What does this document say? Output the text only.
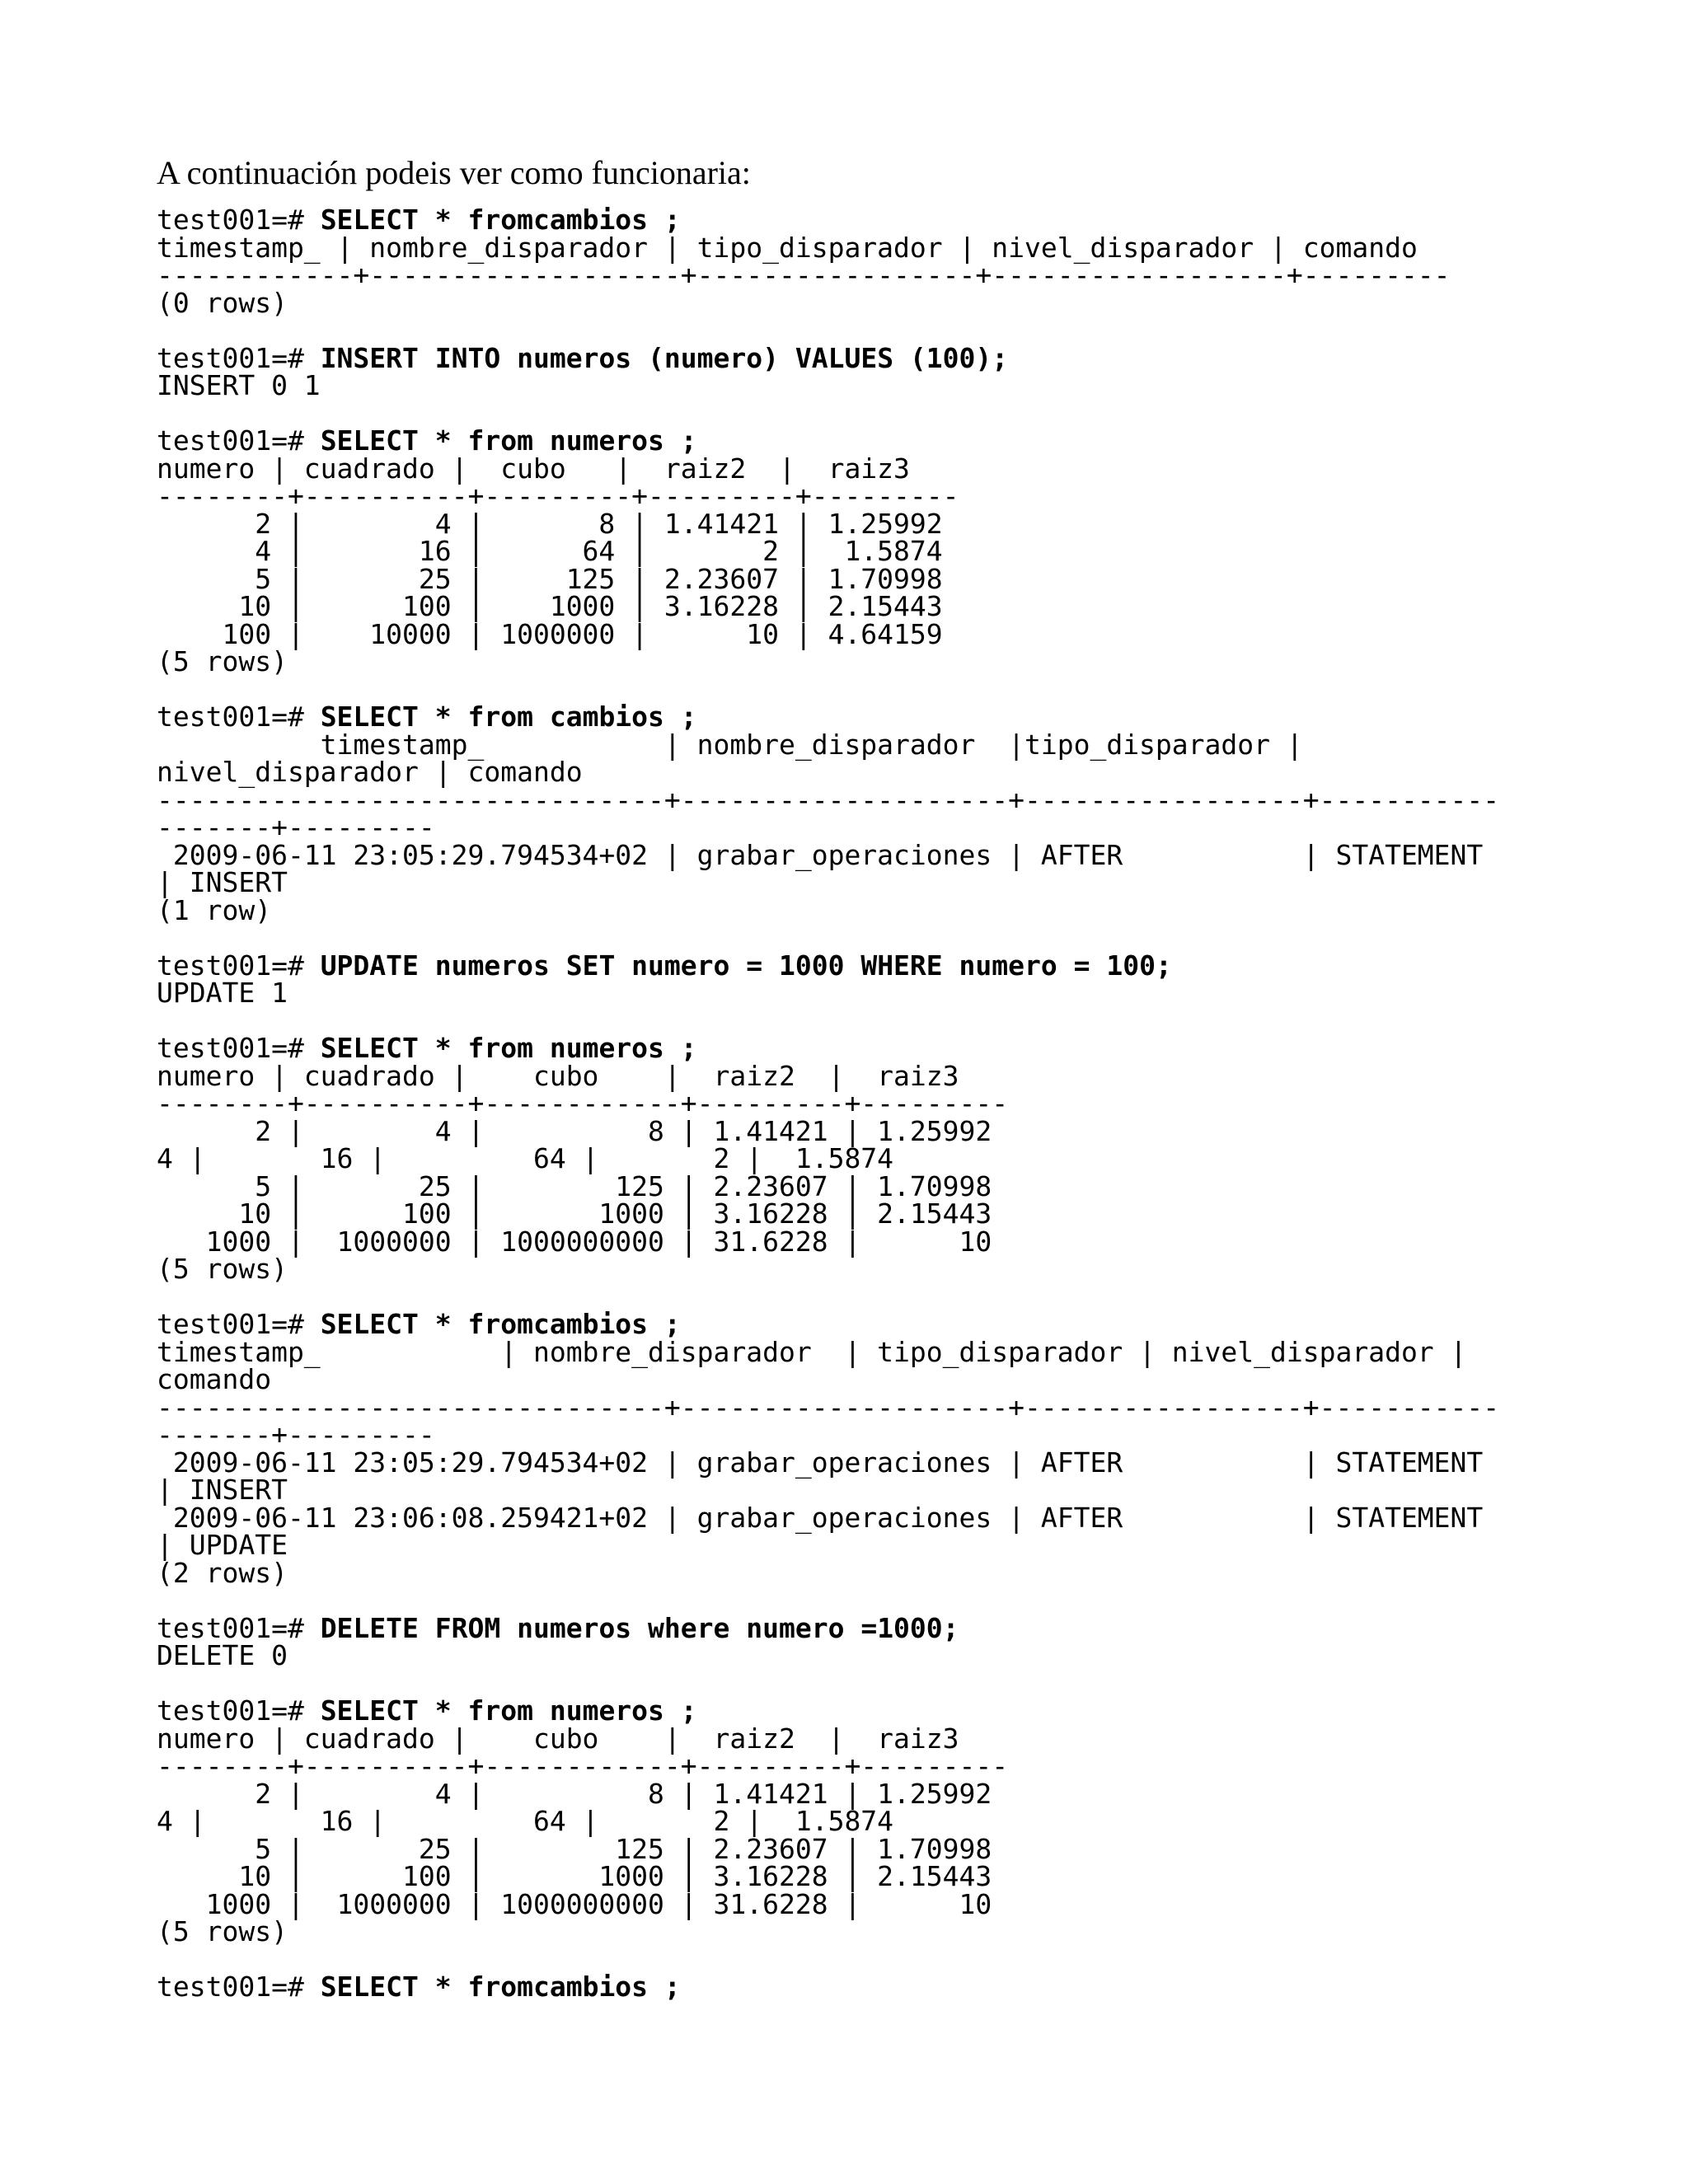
A continuación podeis ver como funcionaria:
test001=# SELECT * fromcambios ;
timestamp_ | nombre_disparador | tipo_disparador | nivel_disparador | comando
------------+-------------------+-----------------+------------------+---------
(0 rows)
test001=# INSERT INTO numeros (numero) VALUES (100);
INSERT 0 1
test001=# SELECT * from numeros ;
numero | cuadrado |  cubo   |  raiz2  |  raiz3
--------+----------+---------+---------+---------
2 |        4 |       8 | 1.41421 | 1.25992
4 |       16 |      64 |       2 |  1.5874
5 |       25 |     125 | 2.23607 | 1.70998
10 |      100 |    1000 | 3.16228 | 2.15443
100 |    10000 | 1000000 |      10 | 4.64159
(5 rows)
test001=# SELECT * from cambios ;
timestamp_           | nombre_disparador  |tipo_disparador |
nivel_disparador | comando
-------------------------------+--------------------+-----------------+-----------
-------+---------
2009-06-11 23:05:29.794534+02 | grabar_operaciones | AFTER           | STATEMENT
| INSERT
(1 row)
test001=# UPDATE numeros SET numero = 1000 WHERE numero = 100;
UPDATE 1
test001=# SELECT * from numeros ;
numero | cuadrado |    cubo    |  raiz2  |  raiz3
--------+----------+------------+---------+---------
2 |        4 |          8 | 1.41421 | 1.25992
4 |       16 |         64 |       2 |  1.5874
5 |       25 |        125 | 2.23607 | 1.70998
10 |      100 |       1000 | 3.16228 | 2.15443
1000 |  1000000 | 1000000000 | 31.6228 |      10
(5 rows)
test001=# SELECT * fromcambios ;
timestamp_           | nombre_disparador  | tipo_disparador | nivel_disparador |
comando
-------------------------------+--------------------+-----------------+-----------
-------+---------
2009-06-11 23:05:29.794534+02 | grabar_operaciones | AFTER           | STATEMENT
| INSERT
2009-06-11 23:06:08.259421+02 | grabar_operaciones | AFTER           | STATEMENT
| UPDATE
(2 rows)
test001=# DELETE FROM numeros where numero =1000;
DELETE 0
test001=# SELECT * from numeros ;
numero | cuadrado |    cubo    |  raiz2  |  raiz3
--------+----------+------------+---------+---------
2 |        4 |          8 | 1.41421 | 1.25992
4 |       16 |         64 |       2 |  1.5874
5 |       25 |        125 | 2.23607 | 1.70998
10 |      100 |       1000 | 3.16228 | 2.15443
1000 |  1000000 | 1000000000 | 31.6228 |      10
(5 rows)
test001=# SELECT * fromcambios ;
